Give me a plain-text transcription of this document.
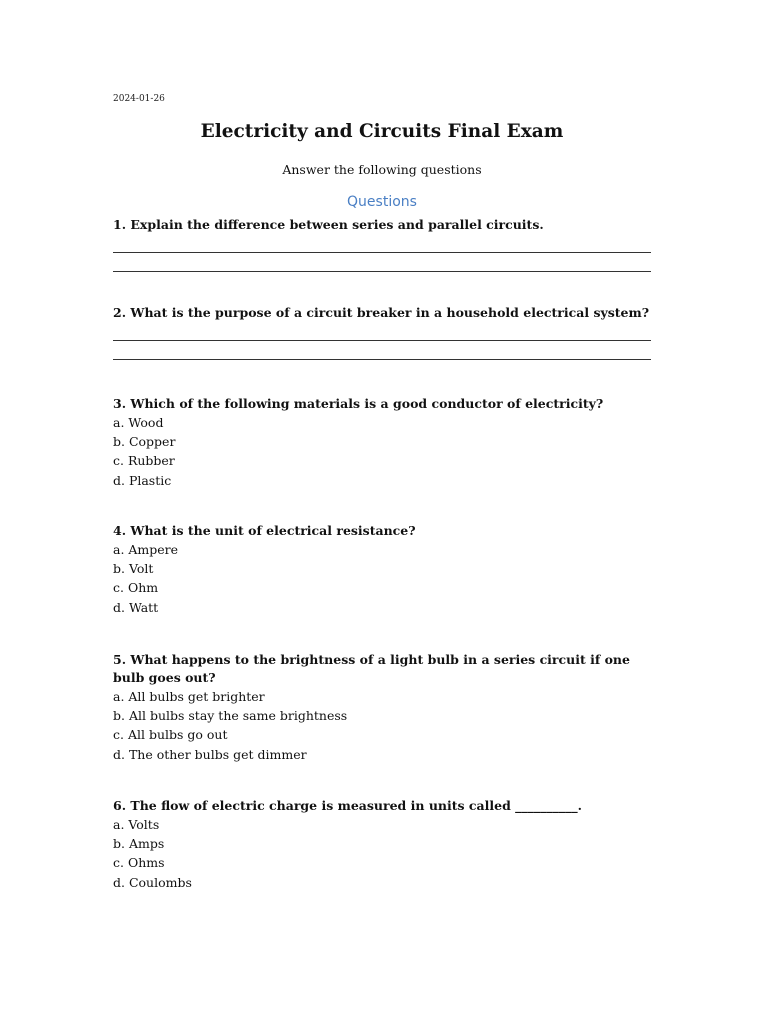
2024-01-26
Electricity and Circuits Final Exam
Answer the following questions
Questions
1. Explain the difference between series and parallel circuits.
2. What is the purpose of a circuit breaker in a household electrical system?
3. Which of the following materials is a good conductor of electricity?
a. Wood
b. Copper
c. Rubber
d. Plastic
4. What is the unit of electrical resistance?
a. Ampere
b. Volt
c. Ohm
d. Watt
5. What happens to the brightness of a light bulb in a series circuit if one bulb goes out?
a. All bulbs get brighter
b. All bulbs stay the same brightness
c. All bulbs go out
d. The other bulbs get dimmer
6. The flow of electric charge is measured in units called __________.
a. Volts
b. Amps
c. Ohms
d. Coulombs
